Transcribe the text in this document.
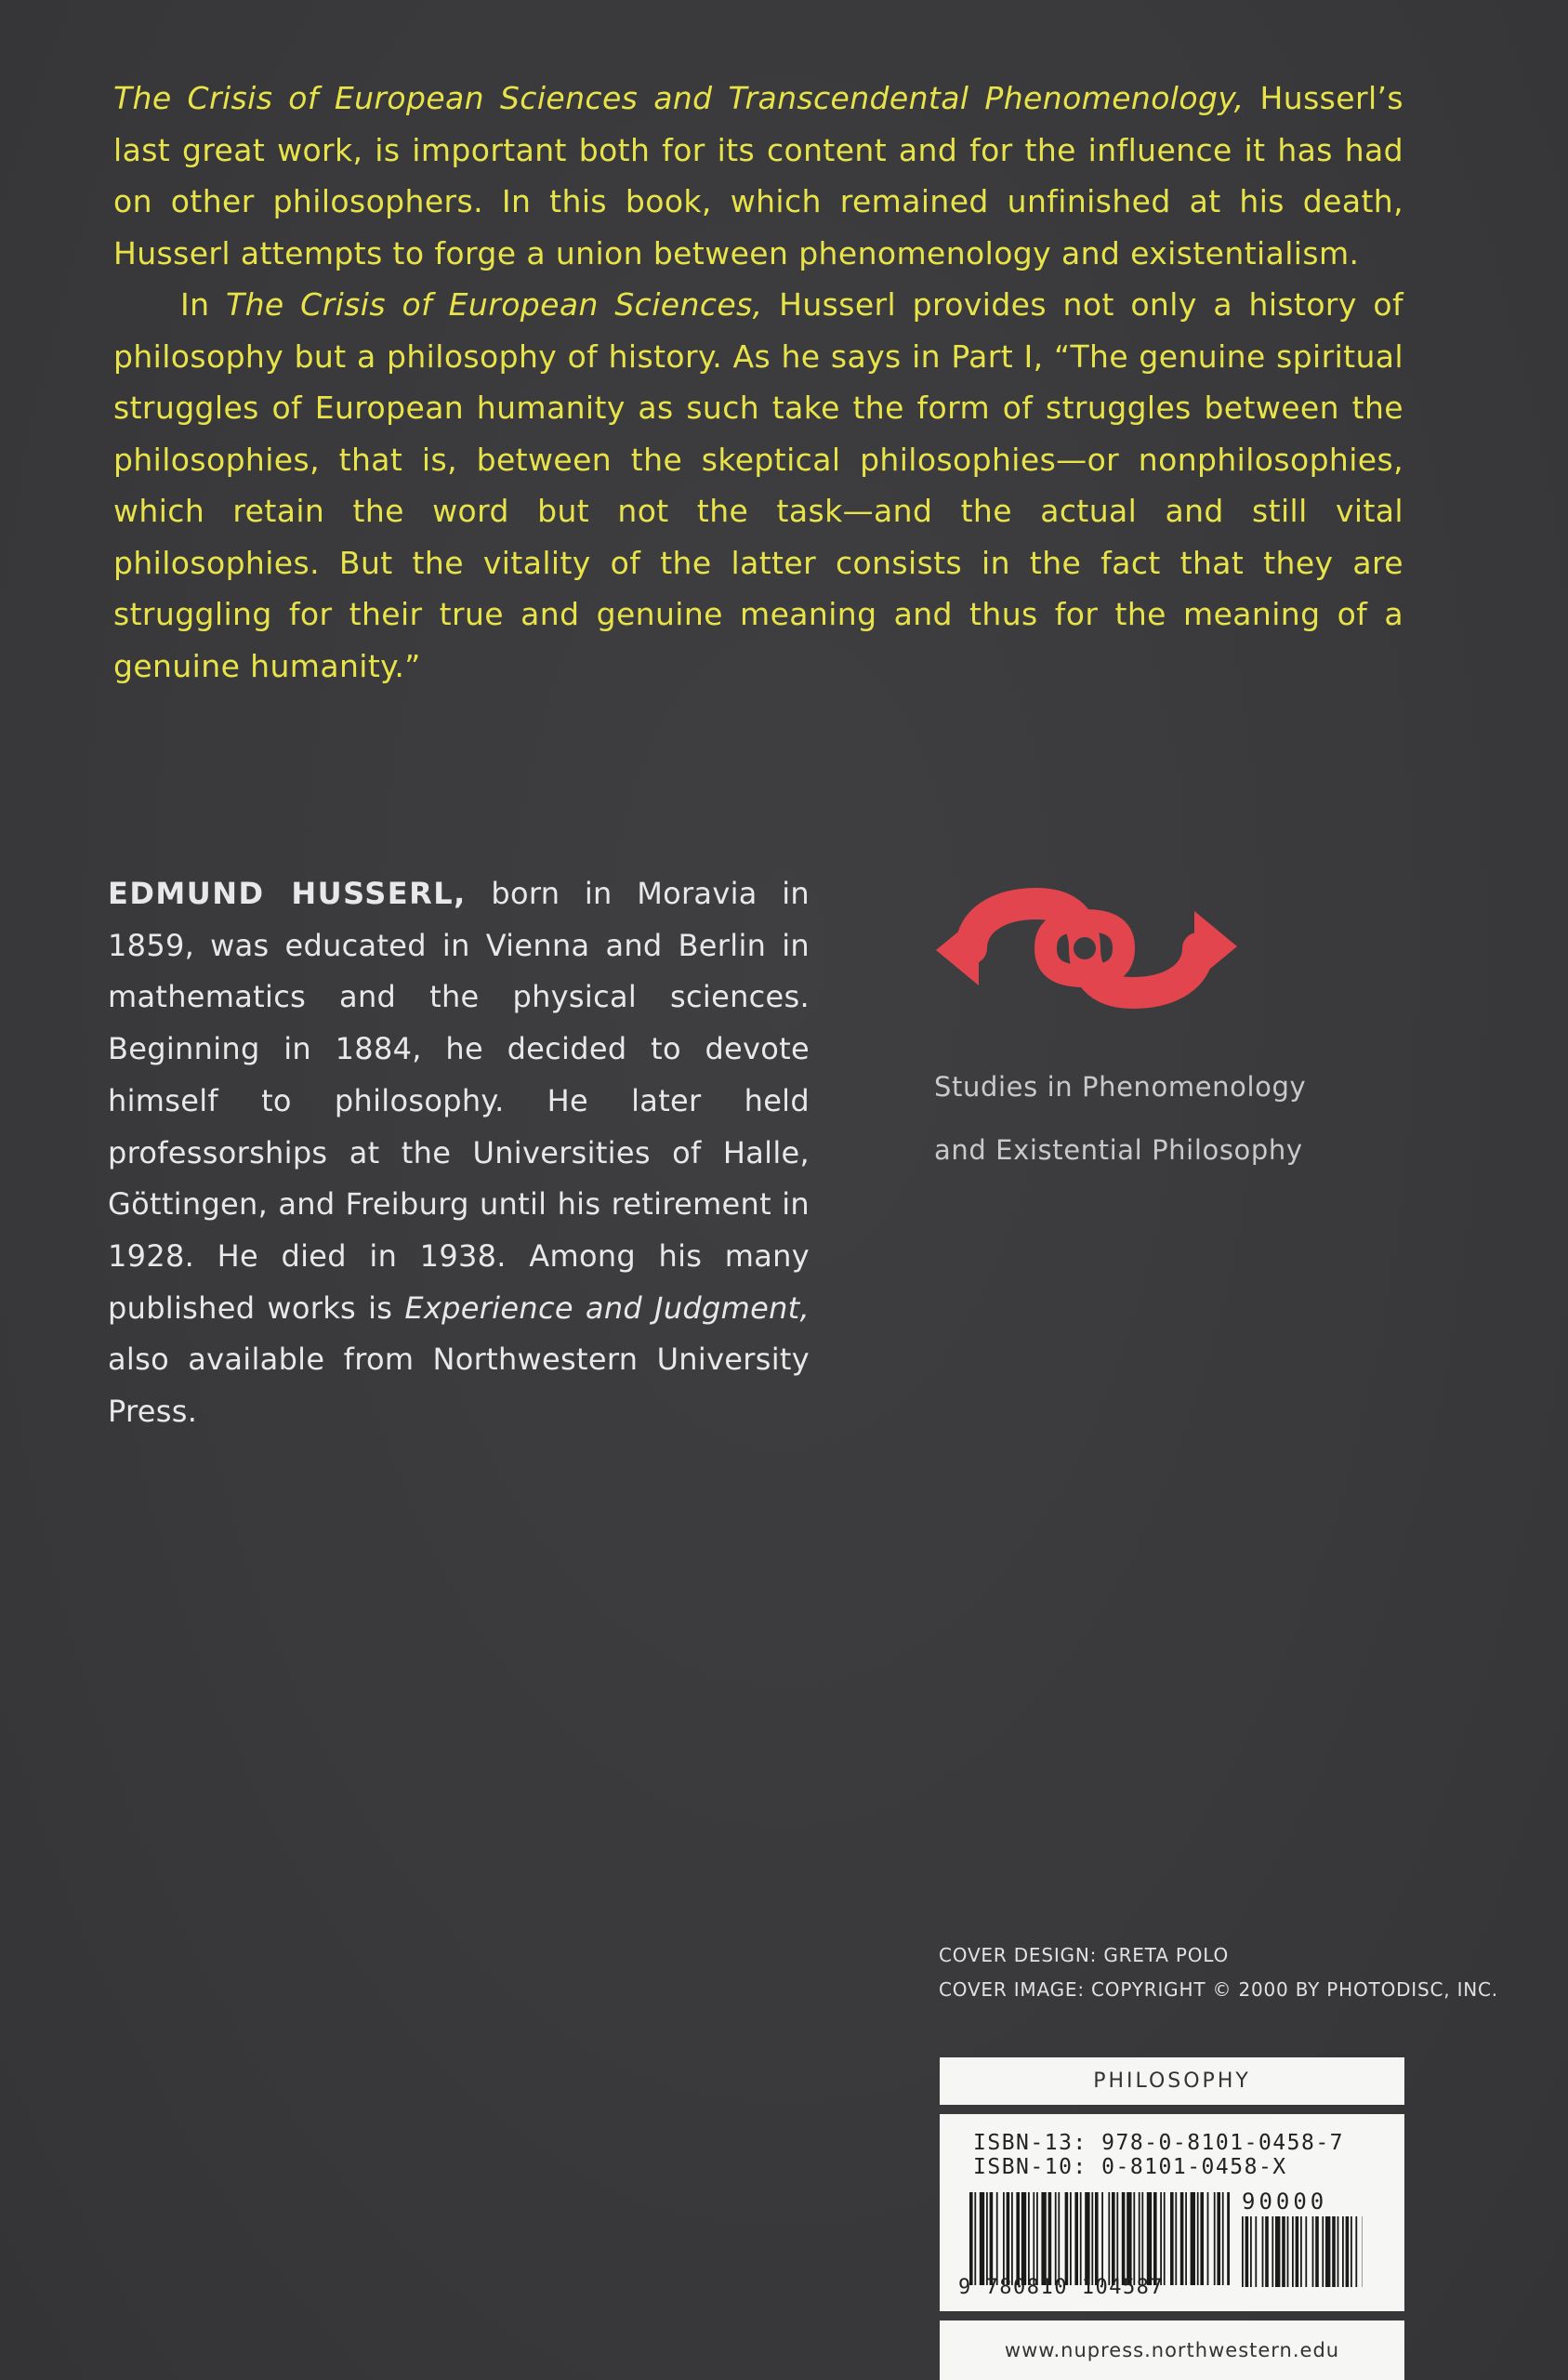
The Crisis of European Sciences and Transcendental Phenomenology, Husserl’s last great work, is important both for its content and for the influence it has had on other philosophers. In this book, which remained unfinished at his death, Husserl attempts to forge a union between phenomenology and existentialism.

In The Crisis of European Sciences, Husserl provides not only a history of philosophy but a philosophy of history. As he says in Part I, “The genuine spiritual struggles of European humanity as such take the form of struggles between the philosophies, that is, between the skeptical philosophies—or nonphilosophies, which retain the word but not the task—and the actual and still vital philosophies. But the vitality of the latter consists in the fact that they are struggling for their true and genuine meaning and thus for the meaning of a genuine humanity.”

EDMUND HUSSERL, born in Moravia in 1859, was educated in Vienna and Berlin in mathematics and the physical sciences. Beginning in 1884, he decided to devote himself to philosophy. He later held professorships at the Universities of Halle, Göttingen, and Freiburg until his retirement in 1928. He died in 1938. Among his many published works is Experience and Judgment, also available from Northwestern University Press.

Studies in Phenomenology
and Existential Philosophy
COVER DESIGN: GRETA POLO
COVER IMAGE: COPYRIGHT © 2000 BY PHOTODISC, INC.
PHILOSOPHY
ISBN-13: 978-0-8101-0458-7
ISBN-10: 0-8101-0458-X
90000
9 780810 104587
www.nupress.northwestern.edu
